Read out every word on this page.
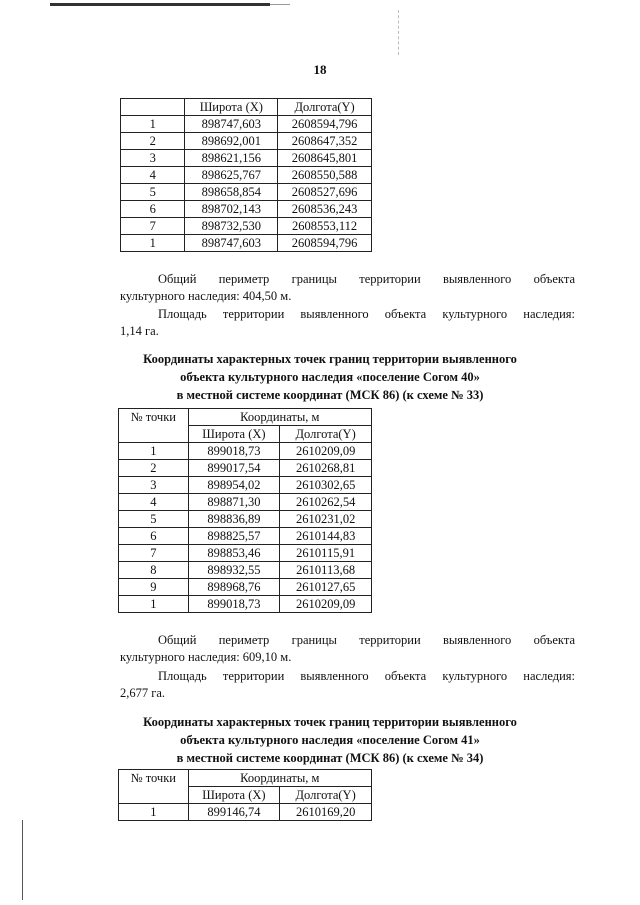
18
	Широта (X)	Долгота(Y)
1	898747,603	2608594,796
2	898692,001	2608647,352
3	898621,156	2608645,801
4	898625,767	2608550,588
5	898658,854	2608527,696
6	898702,143	2608536,243
7	898732,530	2608553,112
1	898747,603	2608594,796

Общий периметр границы территории выявленного объекта

культурного наследия: 404,50 м.

Площадь территории выявленного объекта культурного наследия:

1,14 га.

Координаты характерных точек границ территории выявленного

объекта культурного наследия «поселение Согом 40»

в местной системе координат (МСК 86) (к схеме № 33)

№ точки	Координаты, м	
	Широта (X)	Долгота(Y)
1	899018,73	2610209,09
2	899017,54	2610268,81
3	898954,02	2610302,65
4	898871,30	2610262,54
5	898836,89	2610231,02
6	898825,57	2610144,83
7	898853,46	2610115,91
8	898932,55	2610113,68
9	898968,76	2610127,65
1	899018,73	2610209,09

Общий периметр границы территории выявленного объекта

культурного наследия: 609,10 м.

Площадь территории выявленного объекта культурного наследия:

2,677 га.

Координаты характерных точек границ территории выявленного

объекта культурного наследия «поселение Согом 41»

в местной системе координат (МСК 86) (к схеме № 34)

№ точки	Координаты, м	
	Широта (X)	Долгота(Y)
1	899146,74	2610169,20
